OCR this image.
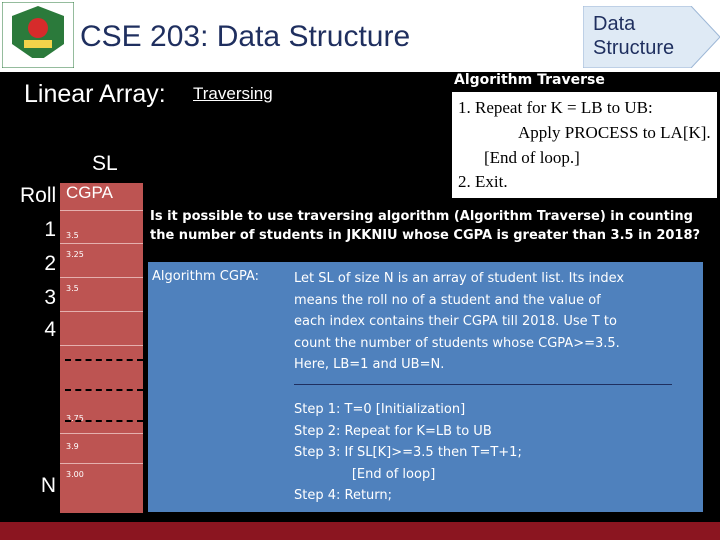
CSE 203: Data Structure	Data Structure
Linear Array: Traversing
Algorithm Traverse
1. Repeat for K = LB to UB:
Apply PROCESS to LA[K].
[End of loop.]
2. Exit.
SL
Roll
1
2
3
4
N
CGPA
3.5
3.25
3.5
3.75
3.9
3.00
Is it possible to use traversing algorithm (Algorithm Traverse) in counting the number of students in JKKNIU whose CGPA is greater than 3.5 in 2018?
Algorithm CGPA:	Let SL of size N is an array of student list. Its index
means the roll no of a student and the value of
each index contains their CGPA till 2018. Use T to
count the number of students whose CGPA>=3.5.
Here, LB=1 and UB=N.
Step 1: T=0 [Initialization]
Step 2: Repeat for K=LB to UB
Step 3: If SL[K]>=3.5 then T=T+1;
[End of loop]
Step 4: Return;
